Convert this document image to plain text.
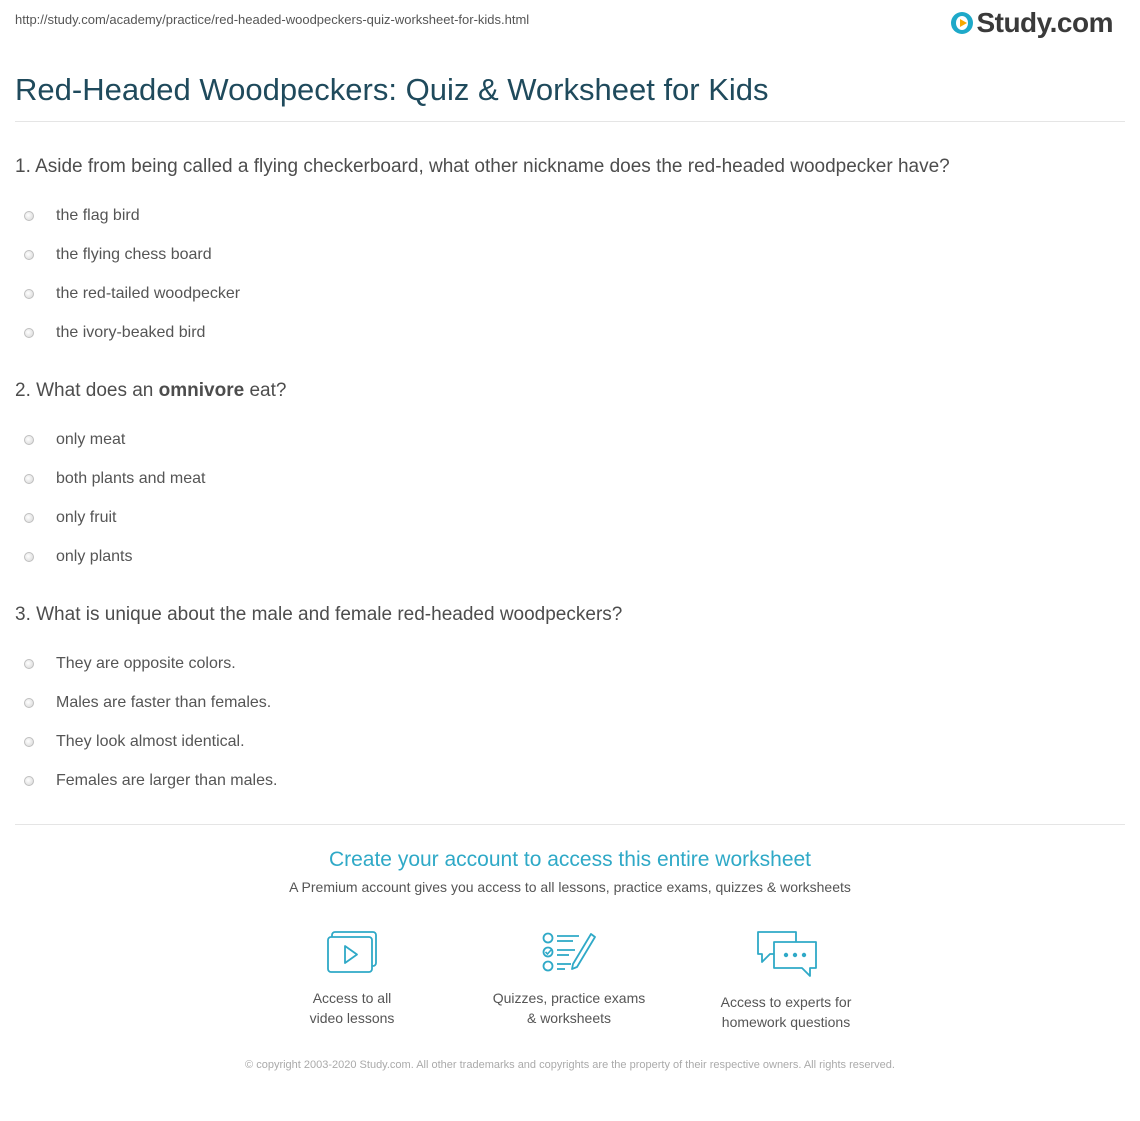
http://study.com/academy/practice/red-headed-woodpeckers-quiz-worksheet-for-kids.html	Study.com
Red-Headed Woodpeckers: Quiz & Worksheet for Kids
1. Aside from being called a flying checkerboard, what other nickname does the red-headed woodpecker have?
the flag bird
the flying chess board
the red-tailed woodpecker
the ivory-beaked bird
2. What does an omnivore eat?
only meat
both plants and meat
only fruit
only plants
3. What is unique about the male and female red-headed woodpeckers?
They are opposite colors.
Males are faster than females.
They look almost identical.
Females are larger than males.
Create your account to access this entire worksheet
A Premium account gives you access to all lessons, practice exams, quizzes & worksheets
Access to all
video lessons
Quizzes, practice exams
& worksheets
Access to experts for
homework questions
© copyright 2003-2020 Study.com. All other trademarks and copyrights are the property of their respective owners. All rights reserved.
